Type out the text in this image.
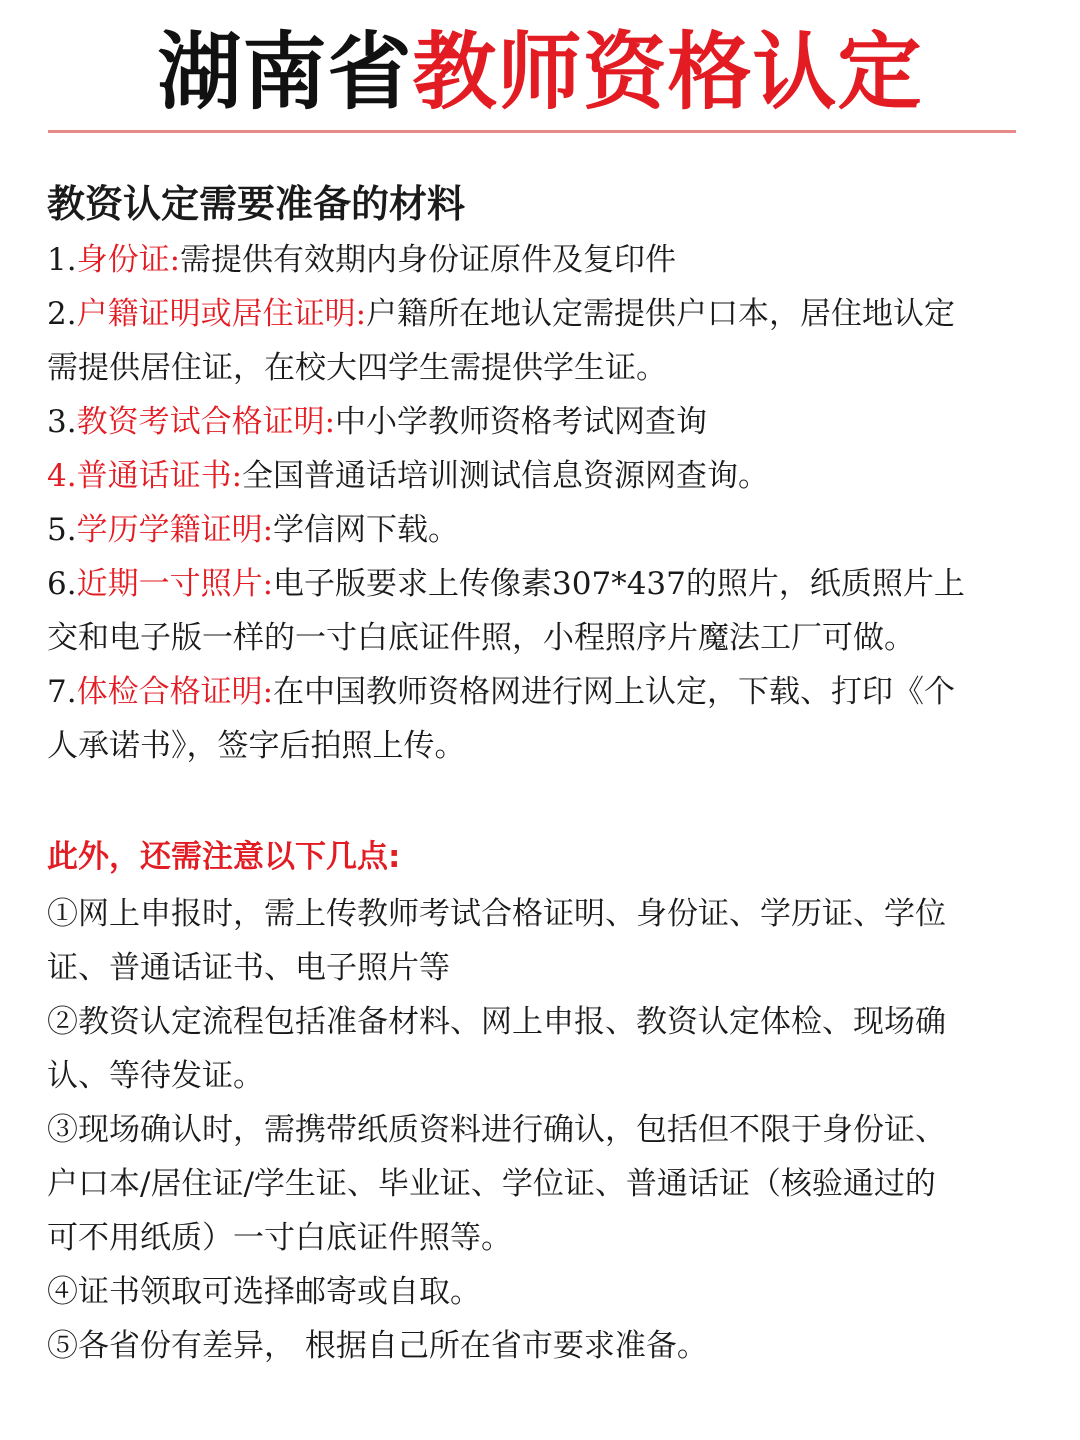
湖南省教师资格认定
教资认定需要准备的材料

1.身份证:需提供有效期内身份证原件及复印件

2.户籍证明或居住证明:户籍所在地认定需提供户口本，居住地认定

需提供居住证，在校大四学生需提供学生证。

3.教资考试合格证明:中小学教师资格考试网查询

4.普通话证书:全国普通话培训测试信息资源网查询。

5.学历学籍证明:学信网下载。

6.近期一寸照片:电子版要求上传像素307*437的照片，纸质照片上

交和电子版一样的一寸白底证件照，小程照序片魔法工厂可做。

7.体检合格证明:在中国教师资格网进行网上认定，下载、打印《个

人承诺书》，签字后拍照上传。

此外，还需注意以下几点:

①网上申报时，需上传教师考试合格证明、身份证、学历证、学位

证、普通话证书、电子照片等

②教资认定流程包括准备材料、网上申报、教资认定体检、现场确

认、等待发证。

③现场确认时，需携带纸质资料进行确认，包括但不限于身份证、

户口本/居住证/学生证、毕业证、学位证、普通话证（核验通过的

可不用纸质）一寸白底证件照等。

④证书领取可选择邮寄或自取。

⑤各省份有差异， 根据自己所在省市要求准备。
